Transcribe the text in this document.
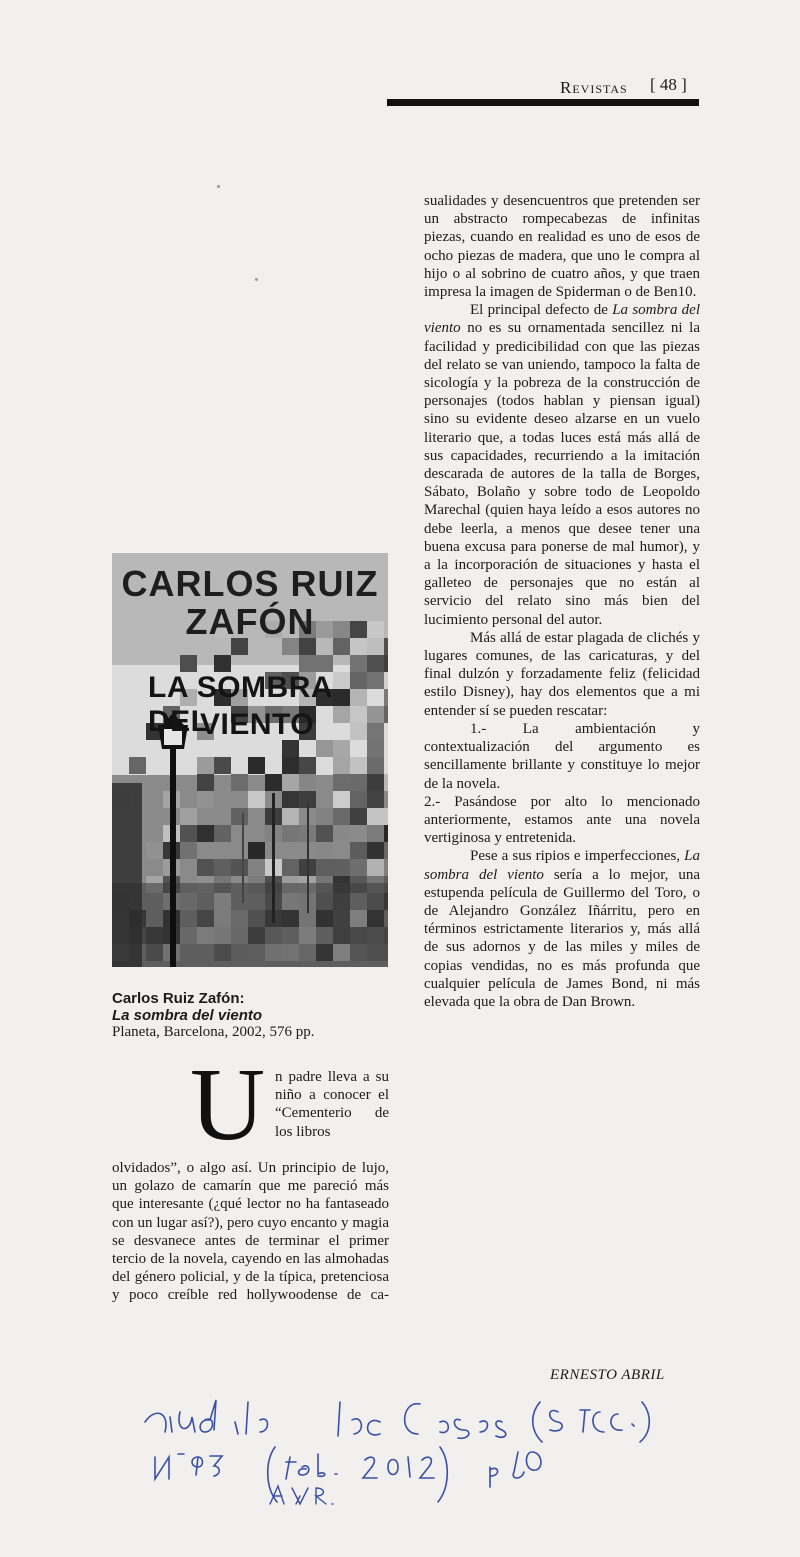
Revistas [ 48 ]
CARLOS RUIZ ZAFÓN
LA SOMBRA DEL
VIENTO
Carlos Ruiz Zafón:
La sombra del viento
Planeta, Barcelona, 2002, 576 pp.
U n padre lleva a su niño a conocer el “Cementerio de los libros

olvidados”, o algo así. Un principio de lujo, un golazo de camarín que me pareció más que interesante (¿qué lector no ha fantaseado con un lugar así?), pero cuyo encanto y magia se desvanece antes de terminar el primer tercio de la novela, cayendo en las almohadas del género policial, y de la típica, pretenciosa y poco creíble red hollywoodense de ca-

sualidades y desencuentros que pretenden ser un abstracto rompecabezas de infinitas piezas, cuando en realidad es uno de esos de ocho piezas de madera, que uno le compra al hijo o al sobrino de cuatro años, y que traen impresa la imagen de Spiderman o de Ben10.

El principal defecto de La sombra del viento no es su ornamentada sencillez ni la facilidad y predicibilidad con que las piezas del relato se van uniendo, tampoco la falta de sicología y la pobreza de la construcción de personajes (todos hablan y piensan igual) sino su evidente deseo alzarse en un vuelo literario que, a todas luces está más allá de sus capacidades, recurriendo a la imitación descarada de autores de la talla de Borges, Sábato, Bolaño y sobre todo de Leopoldo Marechal (quien haya leído a esos autores no debe leerla, a menos que desee tener una buena excusa para ponerse de mal humor), y a la incorporación de situaciones y hasta el galleteo de personajes que no están al servicio del relato sino más bien del lucimiento personal del autor.

Más allá de estar plagada de clichés y lugares comunes, de las caricaturas, y del final dulzón y forzadamente feliz (felicidad estilo Disney), hay dos elementos que a mi entender sí se pueden rescatar:

1.- La ambientación y contextualización del argumento es sencillamente brillante y constituye lo mejor de la novela.

2.- Pasándose por alto lo mencionado anteriormente, estamos ante una novela vertiginosa y entretenida.

Pese a sus ripios e imperfecciones, La sombra del viento sería a lo mejor, una estupenda película de Guillermo del Toro, o de Alejandro González Iñárritu, pero en términos estrictamente literarios y, más allá de sus adornos y de las miles y miles de copias vendidas, no es más profunda que cualquier película de James Bond, ni más elevada que la obra de Dan Brown.

ERNESTO ABRIL
